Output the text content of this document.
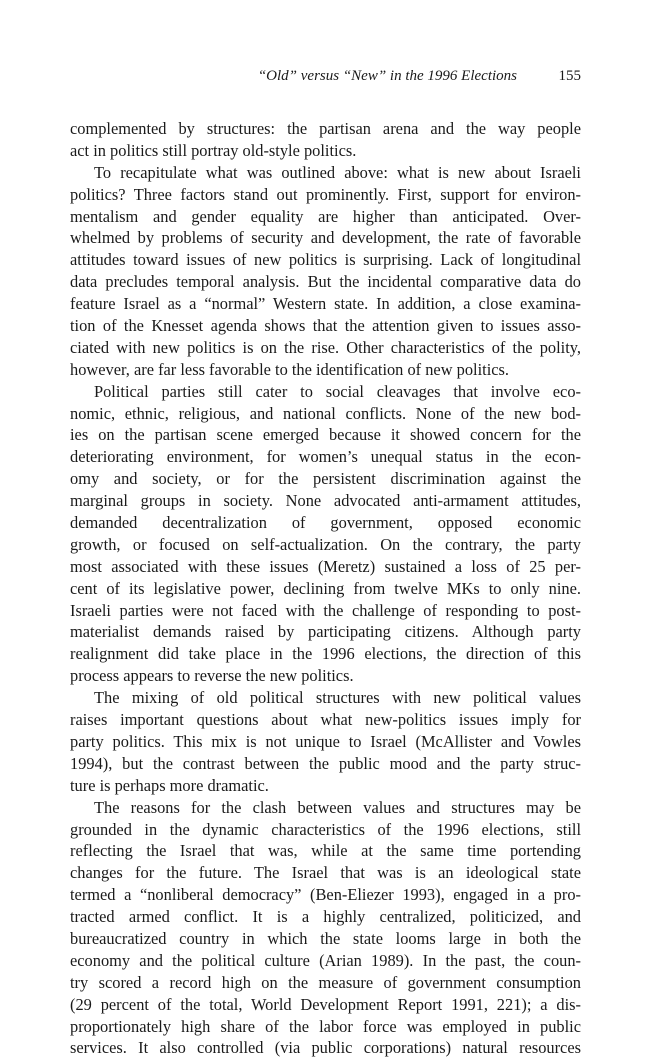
“Old” versus “New” in the 1996 Elections	155
complemented by structures: the partisan arena and the way people
act in politics still portray old-style politics.
To recapitulate what was outlined above: what is new about Israeli
politics? Three factors stand out prominently. First, support for environ-
mentalism and gender equality are higher than anticipated. Over-
whelmed by problems of security and development, the rate of favorable
attitudes toward issues of new politics is surprising. Lack of longitudinal
data precludes temporal analysis. But the incidental comparative data do
feature Israel as a “normal” Western state. In addition, a close examina-
tion of the Knesset agenda shows that the attention given to issues asso-
ciated with new politics is on the rise. Other characteristics of the polity,
however, are far less favorable to the identification of new politics.
Political parties still cater to social cleavages that involve eco-
nomic, ethnic, religious, and national conflicts. None of the new bod-
ies on the partisan scene emerged because it showed concern for the
deteriorating environment, for women’s unequal status in the econ-
omy and society, or for the persistent discrimination against the
marginal groups in society. None advocated anti-armament attitudes,
demanded decentralization of government, opposed economic
growth, or focused on self-actualization. On the contrary, the party
most associated with these issues (Meretz) sustained a loss of 25 per-
cent of its legislative power, declining from twelve MKs to only nine.
Israeli parties were not faced with the challenge of responding to post-
materialist demands raised by participating citizens. Although party
realignment did take place in the 1996 elections, the direction of this
process appears to reverse the new politics.
The mixing of old political structures with new political values
raises important questions about what new-politics issues imply for
party politics. This mix is not unique to Israel (McAllister and Vowles
1994), but the contrast between the public mood and the party struc-
ture is perhaps more dramatic.
The reasons for the clash between values and structures may be
grounded in the dynamic characteristics of the 1996 elections, still
reflecting the Israel that was, while at the same time portending
changes for the future. The Israel that was is an ideological state
termed a “nonliberal democracy” (Ben-Eliezer 1993), engaged in a pro-
tracted armed conflict. It is a highly centralized, politicized, and
bureaucratized country in which the state looms large in both the
economy and the political culture (Arian 1989). In the past, the coun-
try scored a record high on the measure of government consumption
(29 percent of the total, World Development Report 1991, 221); a dis-
proportionately high share of the labor force was employed in public
services. It also controlled (via public corporations) natural resources
